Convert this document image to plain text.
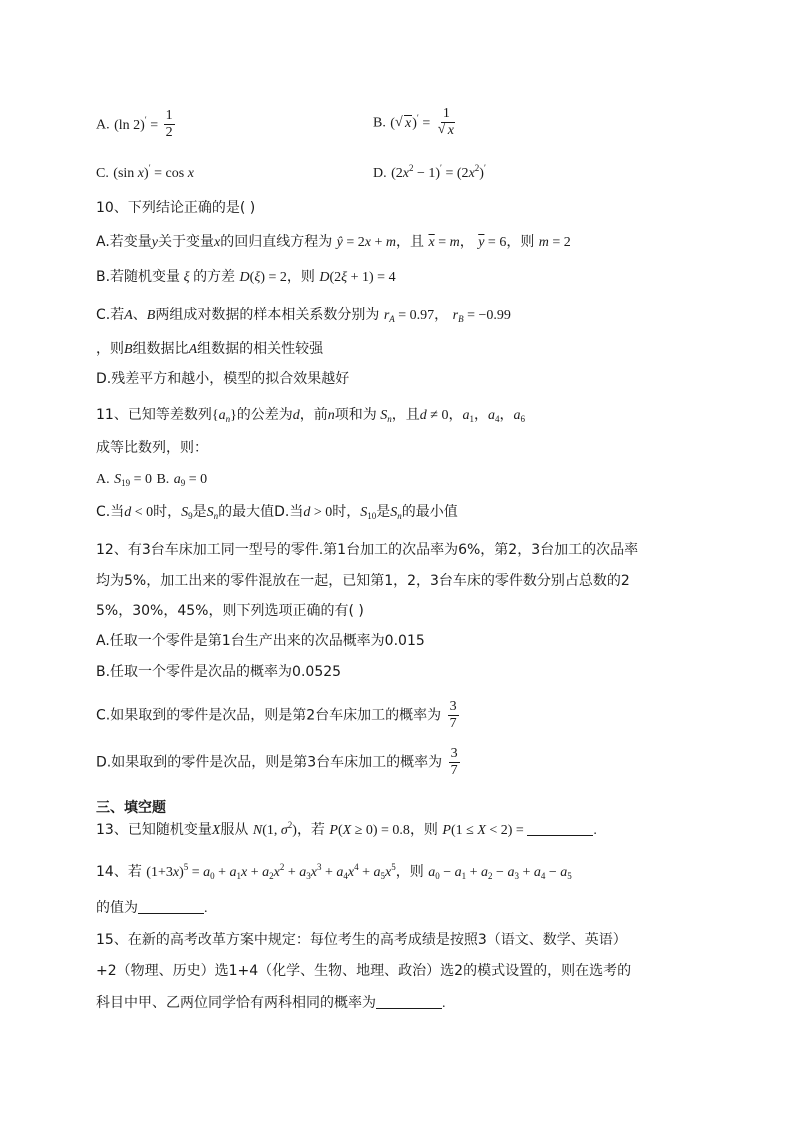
A. (ln $2)' = \frac{1}{2}$	B. ( √ x)′ = 1
√ x
C. (sin x)′ = cos x	D. $(2x^2 - 1)' = (2x^2)'$
10、下列结论正确的是( )
A.若变量y关于变量x的回归直线方程为 ŷ = 2x + m，且 $\overline{x} = m$， $\overline{y} = 6$，则 m = 2
B.若随机变量 ξ 的方差 D(ξ) = 2，则 D(2ξ + 1) = 4
C.若A、B两组成对数据的样本相关系数分别为 $r_A = 0.97$， $r_B = -0.99$
，则B组数据比A组数据的相关性较强
D.残差平方和越小，模型的拟合效果越好
11、已知等差数列$\{a_n\}$的公差为d，前n项和为 $S_n$，且d ≠ 0，$a_1$，$a_4$，$a_6$
成等比数列，则：
A. $S_{19} = 0$ B. $a_9 = 0$
C.当d < 0时，$S_9$是$S_n$的最大值D.当d > 0时，$S_{10}$是$S_n$的最小值
12、有3台车床加工同一型号的零件.第1台加工的次品率为6%，第2，3台加工的次品率
均为5%，加工出来的零件混放在一起，已知第1，2，3台车床的零件数分别占总数的2
5%，30%，45%，则下列选项正确的有( )
A.任取一个零件是第1台生产出来的次品概率为0.015
B.任取一个零件是次品的概率为0.0525
C.如果取到的零件是次品，则是第2台车床加工的概率为 $\frac{3}{7}$
D.如果取到的零件是次品，则是第3台车床加工的概率为 $\frac{3}{7}$
三、填空题
13、已知随机变量X服从 N(1, $\sigma^2$)，若 P(X ≥ 0) = 0.8，则 P(1 ≤ X < 2) =	.
14、若 $(1+3x)^5 = a_0 + a_1x + a_2x^2 + a_3x^3 + a_4x^4 + a_5x^5$，则 $a_0 - a_1 + a_2 - a_3 + a_4 - a_5$
的值为	.
15、在新的高考改革方案中规定：每位考生的高考成绩是按照3（语文、数学、英语）
+2（物理、历史）选1+4（化学、生物、地理、政治）选2的模式设置的，则在选考的
科目中甲、乙两位同学恰有两科相同的概率为	.
